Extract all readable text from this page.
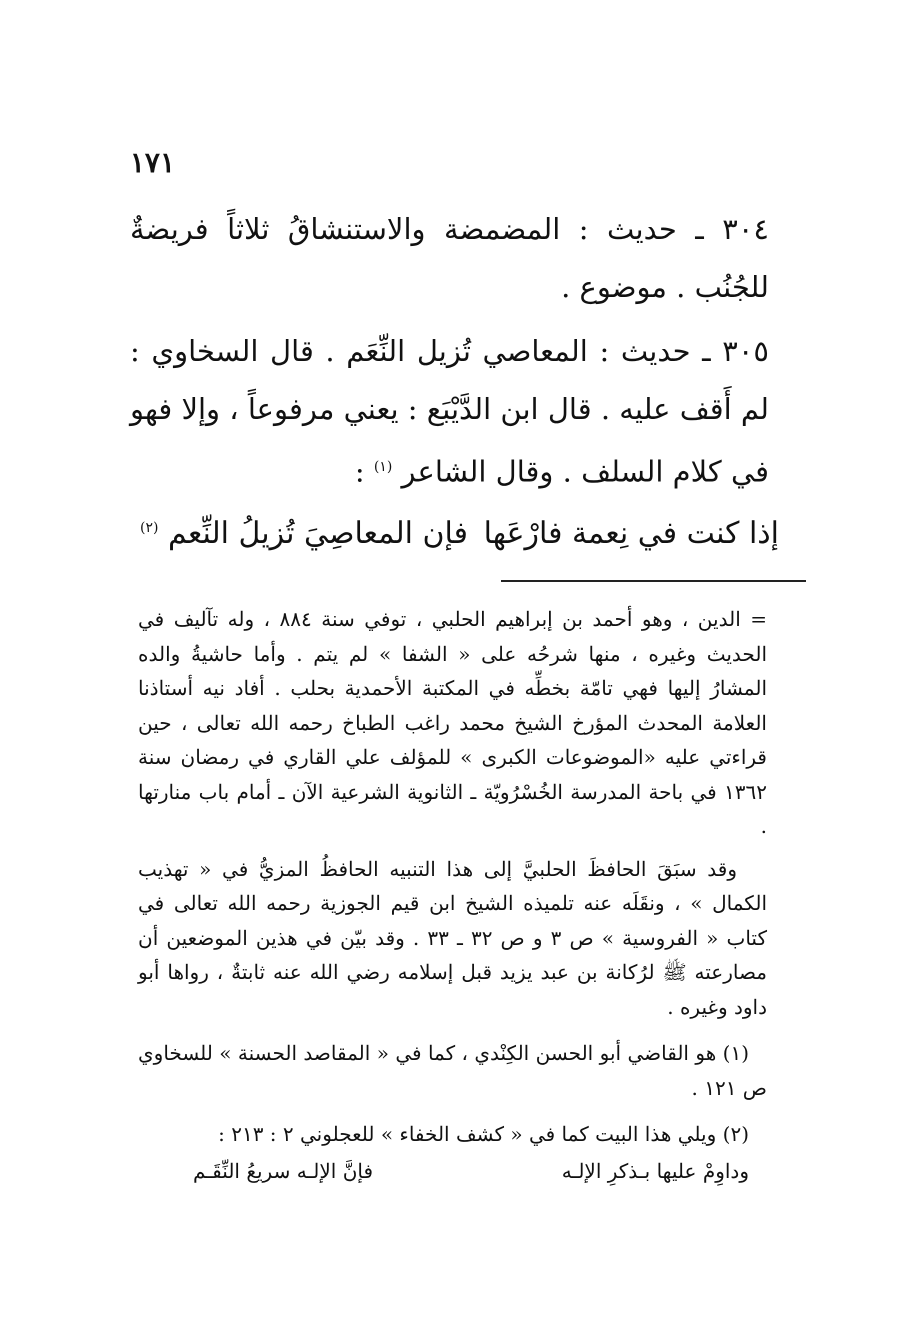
١٧١

٣٠٤ ـ حديث : المضمضة والاستنشاقُ ثلاثاً فريضةٌ للجُنُب . موضوع .

٣٠٥ ـ حديث : المعاصي تُزيل النِّعَم . قال السخاوي : لم أَقف عليه . قال ابن الدَّيْبَع : يعني مرفوعاً ، وإلا فهو في كلام السلف . وقال الشاعر $^{(١)}$ :

إذا كنت في نِعمة فارْعَها
فإن المعاصِيَ تُزيلُ النِّعم $^{(٢)}$

= الدين ، وهو أحمد بن إبراهيم الحلبي ، توفي سنة ٨٨٤ ، وله تآليف في الحديث وغيره ، منها شرحُه على « الشفا » لم يتم . وأما حاشيةُ والده المشارُ إليها فهي تامّة بخطِّه في المكتبة الأحمدية بحلب . أفاد نيه أستاذنا العلامة المحدث المؤرخ الشيخ محمد راغب الطباخ رحمه الله تعالى ، حين قراءتي عليه «الموضوعات الكبرى » للمؤلف علي القاري في رمضان سنة ١٣٦٢ في باحة المدرسة الخُسْرُويّة ـ الثانوية الشرعية الآن ـ أمام باب منارتها .

وقد سبَقَ الحافظَ الحلبيَّ إلى هذا التنبيه الحافظُ المزيُّ في « تهذيب الكمال » ، ونقَلَه عنه تلميذه الشيخ ابن قيم الجوزية رحمه الله تعالى في كتاب « الفروسية » ص ٣ و ص ٣٢ ـ ٣٣ . وقد بيّن في هذين الموضعين أن مصارعته ﷺ لرُكانة بن عبد يزيد قبل إسلامه رضي الله عنه ثابتةٌ ، رواها أبو داود وغيره .

(١) هو القاضي أبو الحسن الكِنْدي ، كما في « المقاصد الحسنة » للسخاوي ص ١٢١ .

(٢) ويلي هذا البيت كما في « كشف الخفاء » للعجلوني ٢ : ٢١٣ :

وداوِمْ عليها بـذكرِ الإلـه
فإنَّ الإلـه سريعُ النِّقَـم
